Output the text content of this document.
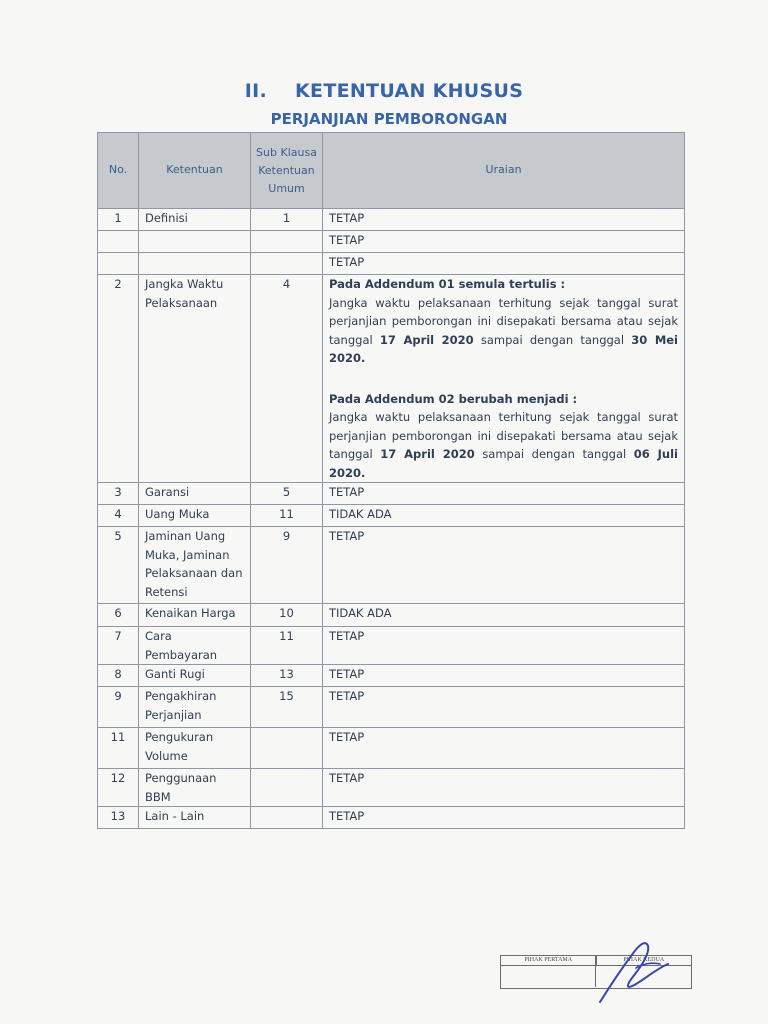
II. KETENTUAN KHUSUS
PERJANJIAN PEMBORONGAN
No.	Ketentuan	Sub Klausa Ketentuan Umum	Uraian
1	Definisi	1	TETAP
			TETAP
			TETAP
2	Jangka Waktu Pelaksanaan	4	Pada Addendum 01 semula tertulis :
Jangka waktu pelaksanaan terhitung sejak tanggal surat perjanjian pemborongan ini disepakati bersama atau sejak tanggal 17 April 2020 sampai dengan tanggal 30 Mei 2020.
Pada Addendum 02 berubah menjadi :
Jangka waktu pelaksanaan terhitung sejak tanggal surat perjanjian pemborongan ini disepakati bersama atau sejak tanggal 17 April 2020 sampai dengan tanggal 06 Juli 2020.

3	Garansi	5	TETAP
4	Uang Muka	11	TIDAK ADA
5	Jaminan Uang Muka, Jaminan Pelaksanaan dan Retensi	9	TETAP
6	Kenaikan Harga	10	TIDAK ADA
7	Cara Pembayaran	11	TETAP
8	Ganti Rugi	13	TETAP
9	Pengakhiran Perjanjian	15	TETAP
11	Pengukuran Volume		TETAP
12	Penggunaan BBM		TETAP
13	Lain - Lain		TETAP
PIHAK PERTAMA	PIHAK KEDUA
